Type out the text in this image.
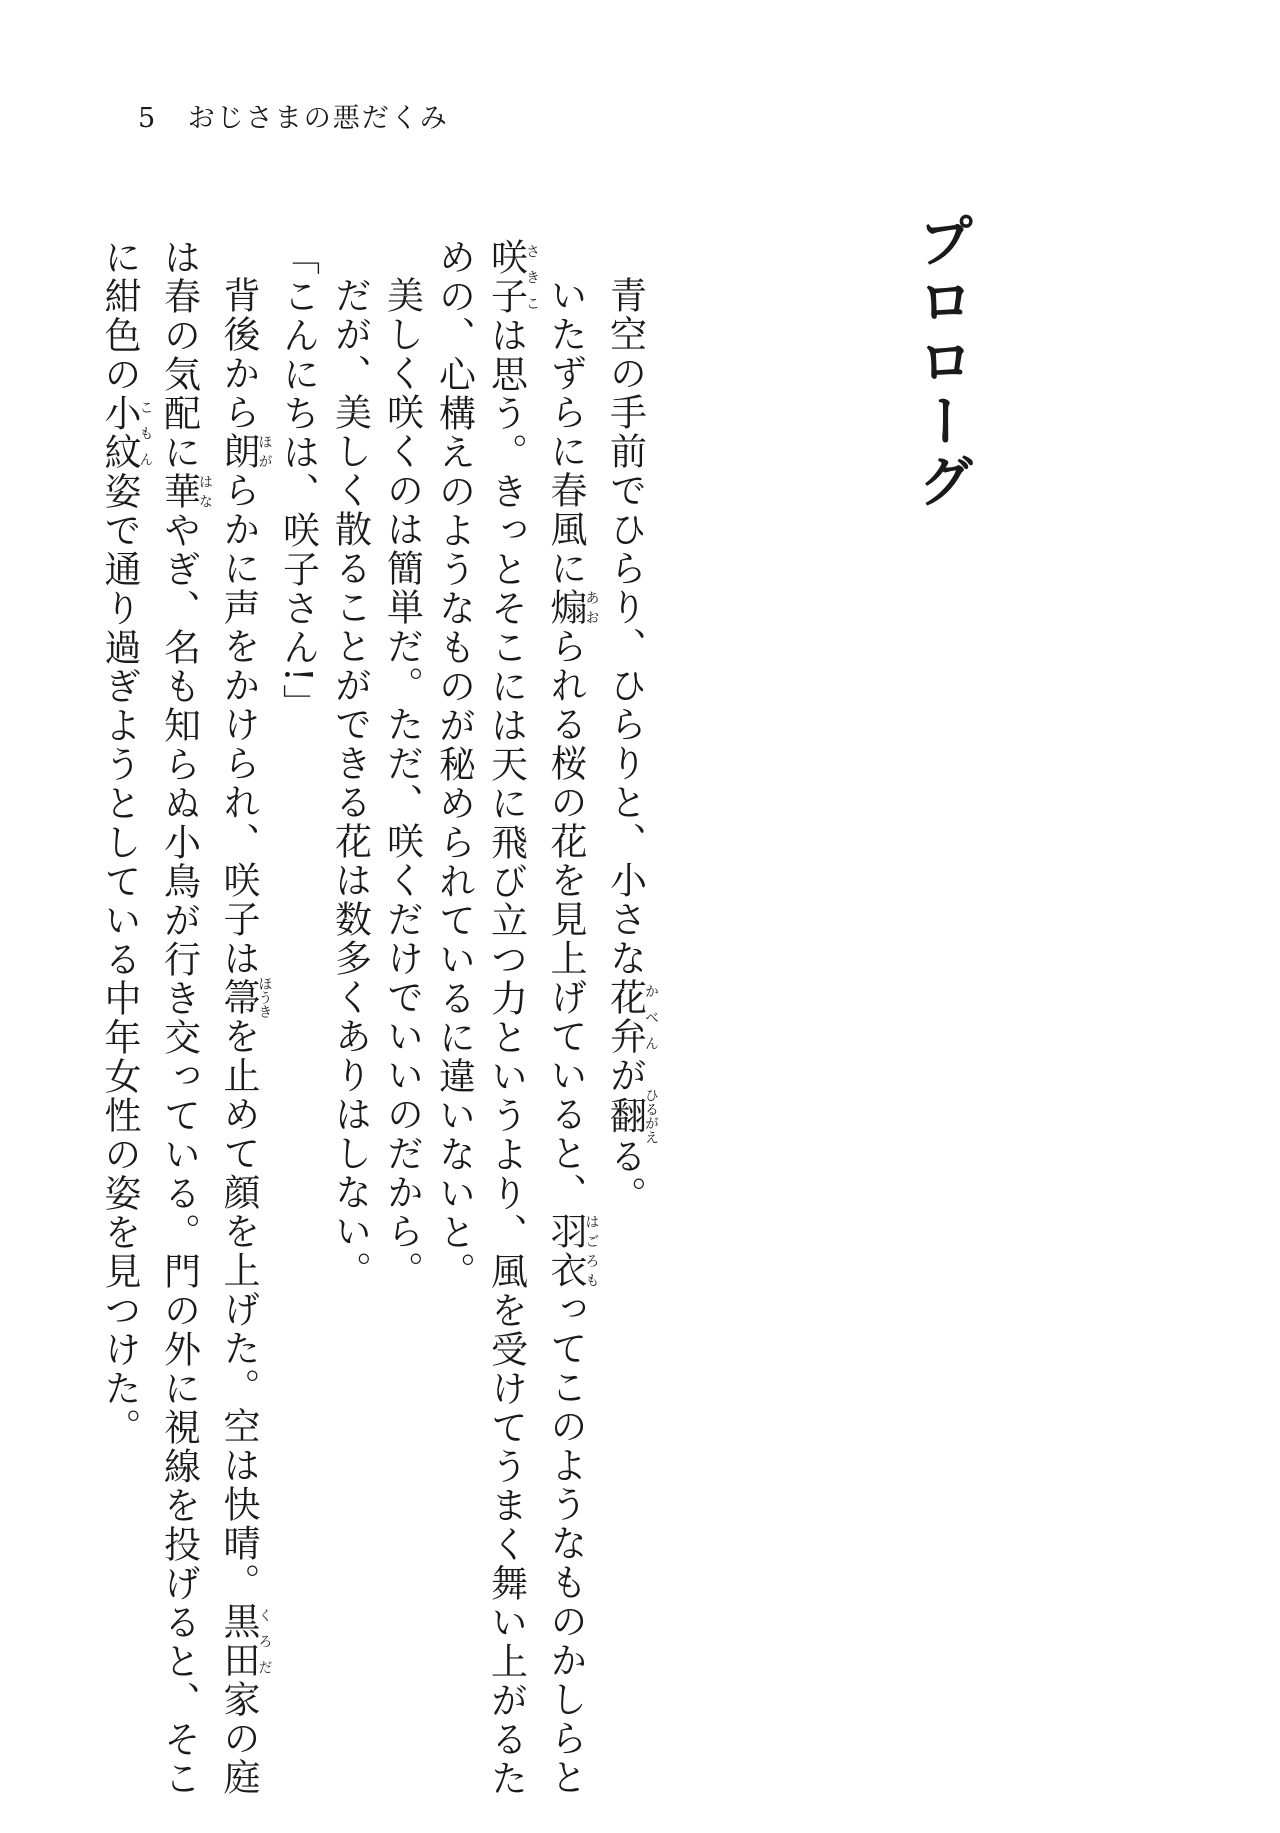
5 おじさまの悪だくみ
プロローグ
青空の手前でひらり、ひらりと、小さな花弁かべんが翻ひるがえる。
いたずらに春風に煽あおられる桜の花を見上げていると、羽衣はごろもってこのようなものかしらと
咲子さきこは思う。きっとそこには天に飛び立つ力というより、風を受けてうまく舞い上がるた
めの、心構えのようなものが秘められているに違いないと。
美しく咲くのは簡単だ。ただ、咲くだけでいいのだから。
だが、美しく散ることができる花は数多くありはしない。
「こんにちは、咲子さん!」
背後から朗ほがらかに声をかけられ、咲子は箒ほうきを止めて顔を上げた。空は快晴。黒田くろだ家の庭
は春の気配に華はなやぎ、名も知らぬ小鳥が行き交っている。門の外に視線を投げると、そこ
に紺色の小紋こもん姿で通り過ぎようとしている中年女性の姿を見つけた。
